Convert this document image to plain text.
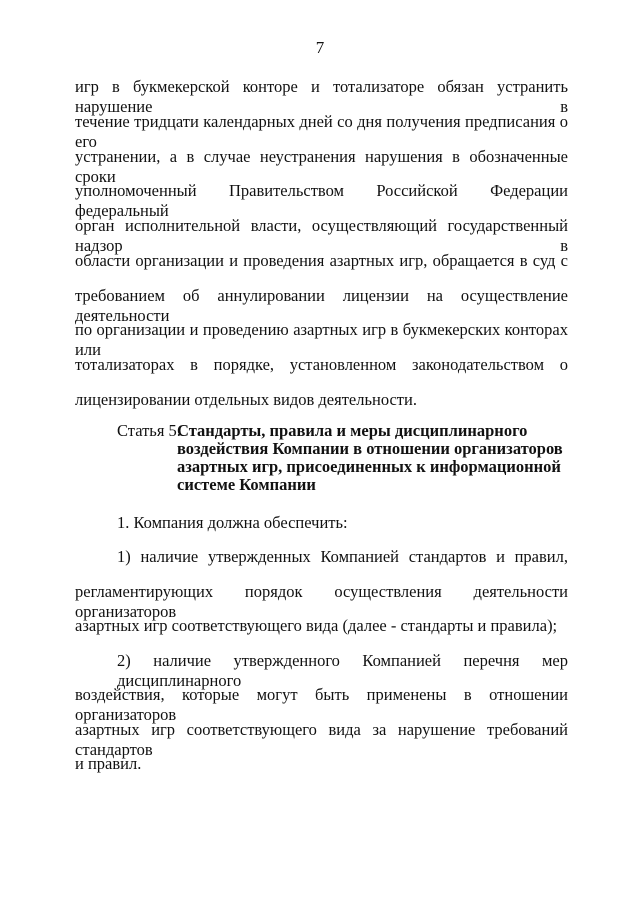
7
игр в букмекерской конторе и тотализаторе обязан устранить нарушение в
течение тридцати календарных дней со дня получения предписания о его
устранении, а в случае неустранения нарушения в обозначенные сроки
уполномоченный Правительством Российской Федерации федеральный
орган исполнительной власти, осуществляющий государственный надзор в
области организации и проведения азартных игр, обращается в суд с
требованием об аннулировании лицензии на осуществление деятельности
по организации и проведению азартных игр в букмекерских конторах или
тотализаторах в порядке, установленном законодательством о
лицензировании отдельных видов деятельности.
Статья 5.
Стандарты, правила и меры дисциплинарного
воздействия Компании в отношении организаторов
азартных игр, присоединенных к информационной
системе Компании
1. Компания должна обеспечить:
1) наличие утвержденных Компанией стандартов и правил,
регламентирующих порядок осуществления деятельности организаторов
азартных игр соответствующего вида (далее - стандарты и правила);
2) наличие утвержденного Компанией перечня мер дисциплинарного
воздействия, которые могут быть применены в отношении организаторов
азартных игр соответствующего вида за нарушение требований стандартов
и правил.
